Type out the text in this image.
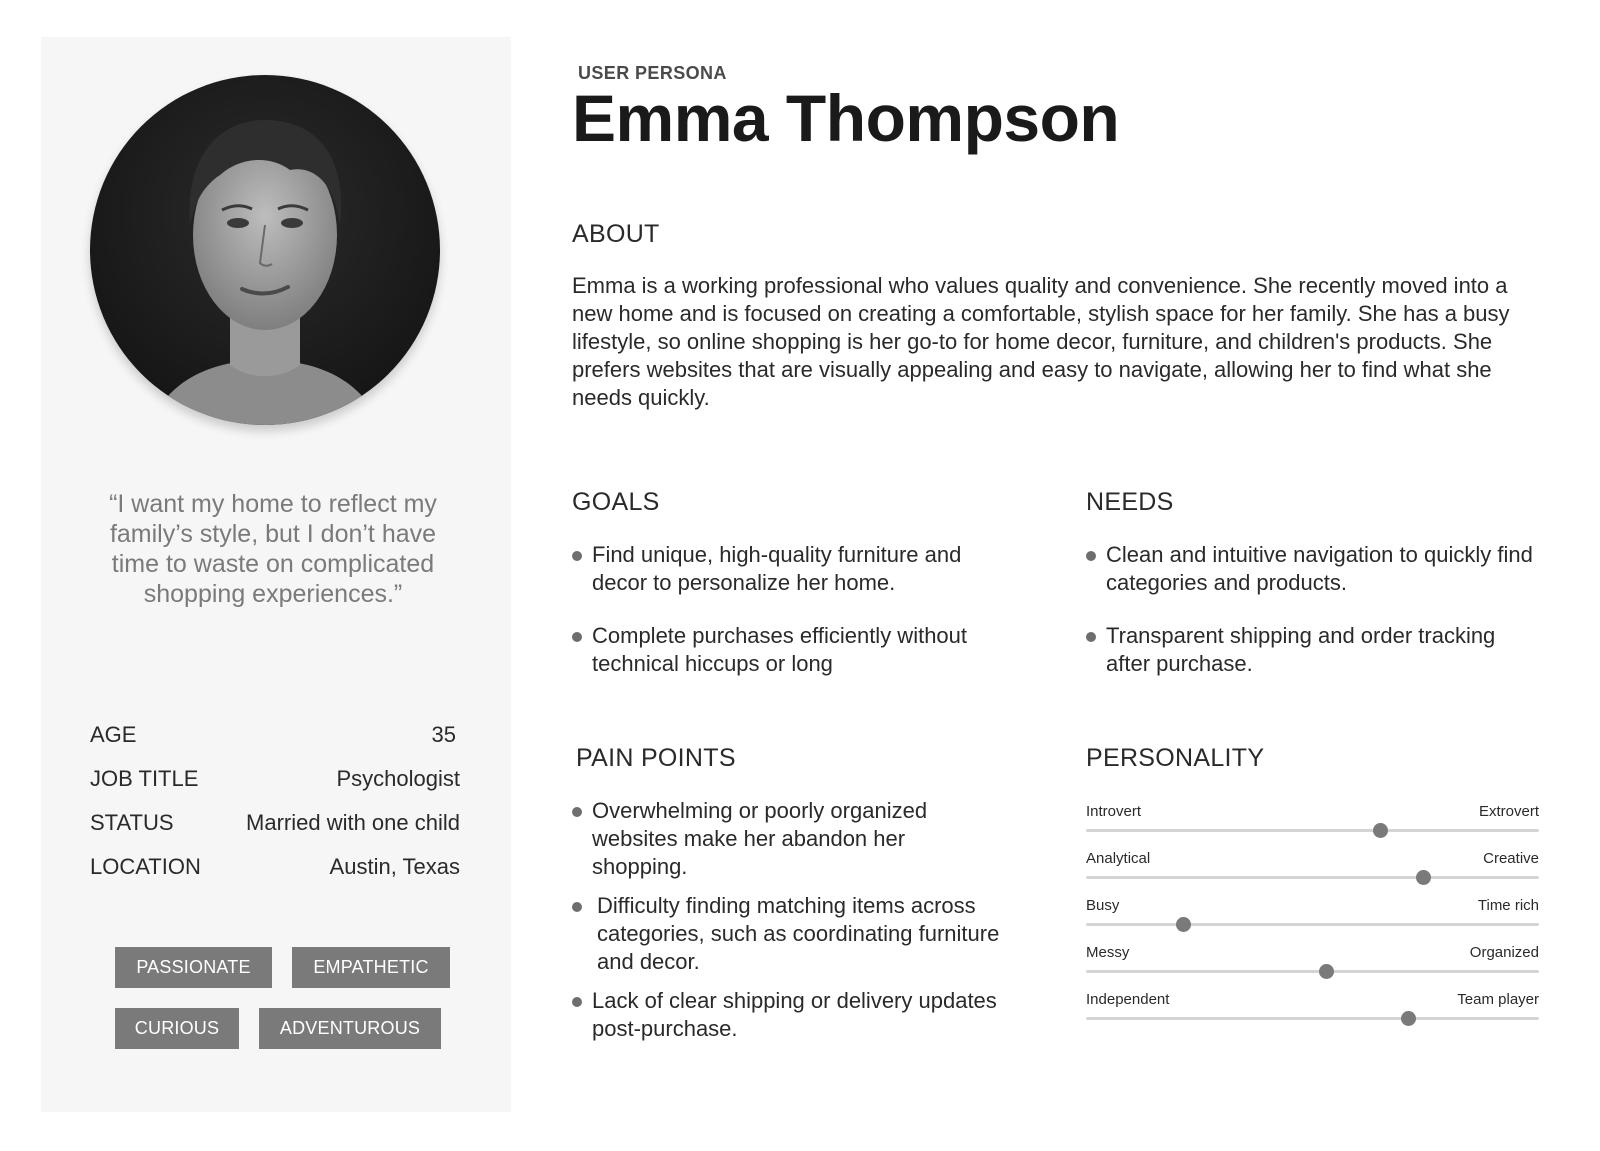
“I want my home to reflect my family’s style, but I don’t have time to waste on complicated shopping experiences.”
AGE	35
JOB TITLE	Psychologist
STATUS	Married with one child
LOCATION	Austin, Texas
PASSIONATE	EMPATHETIC
CURIOUS	ADVENTUROUS
USER PERSONA
Emma Thompson
ABOUT
Emma is a working professional who values quality and convenience. She recently moved into a new home and is focused on creating a comfortable, stylish space for her family. She has a busy lifestyle, so online shopping is her go-to for home decor, furniture, and children's products. She prefers websites that are visually appealing and easy to navigate, allowing her to find what she needs quickly.
GOALS
Find unique, high-quality furniture and decor to personalize her home.
Complete purchases efficiently without technical hiccups or long
NEEDS
Clean and intuitive navigation to quickly find categories and products.
Transparent shipping and order tracking after purchase.
PAIN POINTS
Overwhelming or poorly organized websites make her abandon her shopping.
Difficulty finding matching items across categories, such as coordinating furniture and decor.
Lack of clear shipping or delivery updates post-purchase.
PERSONALITY
Introvert	Extrovert
Analytical	Creative
Busy	Time rich
Messy	Organized
Independent	Team player
